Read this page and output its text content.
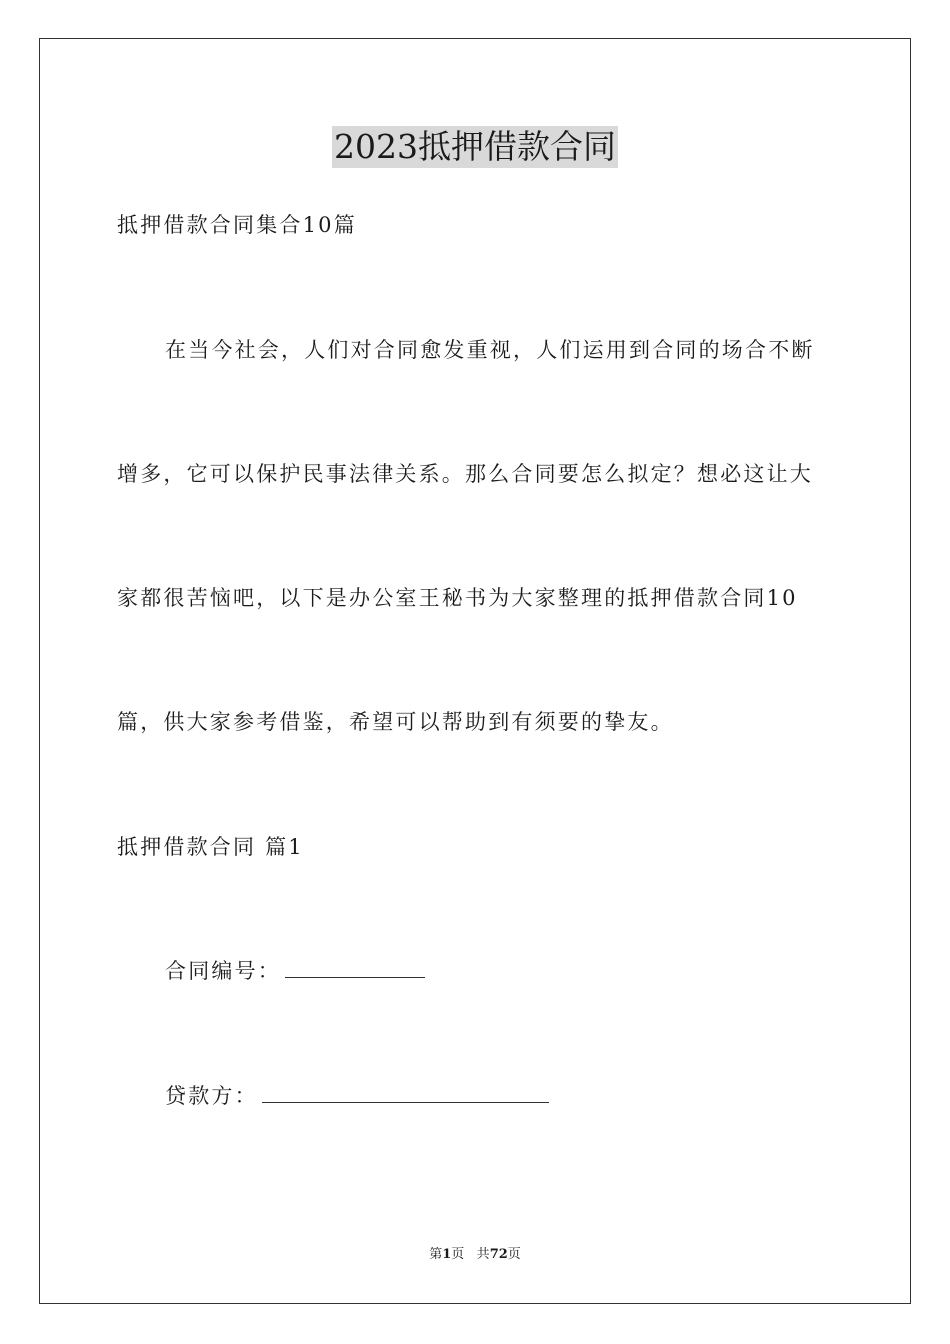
2023抵押借款合同
抵押借款合同集合10篇
在当今社会，人们对合同愈发重视，人们运用到合同的场合不断
增多，它可以保护民事法律关系。那么合同要怎么拟定？想必这让大
家都很苦恼吧，以下是办公室王秘书为大家整理的抵押借款合同10
篇，供大家参考借鉴，希望可以帮助到有须要的挚友。
抵押借款合同 篇1
合同编号：
贷款方：
第1页 共72页
